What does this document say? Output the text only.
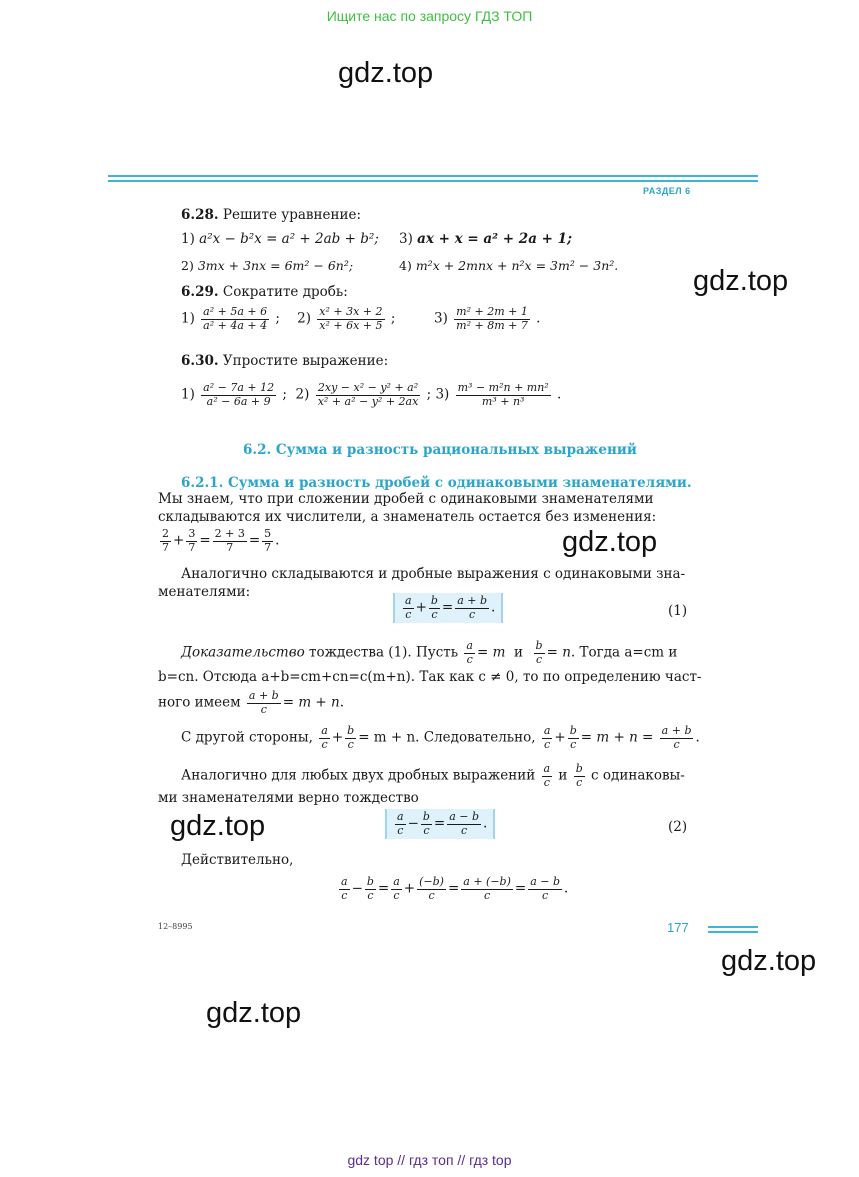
Ищите нас по запросу ГДЗ ТОП
gdz.top
gdz.top
gdz.top
gdz.top
gdz.top
gdz.top
РАЗДЕЛ 6
6.28. Решите уравнение:
1) a²x − b²x = a² + 2ab + b²; 3) ax + x = a² + 2a + 1;
2) 3mx + 3nx = 6m² − 6n²;	4) m²x + 2mnx + n²x = 3m² − 3n².
6.29. Сократите дробь:
$1) \frac{\text{a² + 5a + 6}}{\text{a² + 4a + 4}}$ ;    $2) \frac{\text{x² + 3x + 2}}{\text{x² + 6x + 5}}$ ;         $3) \frac{\text{m² + 2m + 1}}{\text{m² + 8m + 7}}$ .
6.30. Упростите выражение:
$1) \frac{\text{a² − 7a + 12}}{\text{a² − 6a + 9}}$ ;  $2) \frac{\text{2xy − x² − y² + a²}}{\text{x² + a² − y² + 2ax}}$ ; $3) \frac{\text{m³ − m²n + mn²}}{\text{m³ + n³}}$ .
6.2. Сумма и разность рациональных выражений
6.2.1. Сумма и разность дробей с одинаковыми знаменателями.
Мы знаем, что при сложении дробей с одинаковыми знаменателями
складываются их числители, а знаменатель остается без изменения:
$\frac{2}{7} + \frac{3}{7} = \frac{2 + 3}{7} = \frac{5}{7}$ .
Аналогично складываются и дробные выражения с одинаковыми зна-
менателями:
$\frac{a}{c} + \frac{b}{c} = \frac{a + b}{c}$ .	(1)
Доказательство тождества (1). Пусть $\frac{a}{c} = m$  и $\frac{b}{c} = n$. Тогда a=cm и
b=cn. Отсюда a+b=cm+cn=c(m+n). Так как c ≠ 0, то по определению част-
ного имеем $\frac{a + b}{c} = m + n$.
С другой стороны, $\frac{a}{c} + \frac{b}{c} = m + n$. Следовательно, $\frac{a}{c} + \frac{b}{c} = m + n = \frac{a + b}{c}$ .
Аналогично для любых двух дробных выражений $\frac{a}{c}$ и $\frac{b}{c}$ с одинаковы-
ми знаменателями верно тождество
$\frac{a}{c} - \frac{b}{c} = \frac{a - b}{c}$ .	(2)
Действительно,
$\frac{a}{c} - \frac{b}{c} = \frac{a}{c} + \frac{(-b)}{c} = \frac{a + (-b)}{c} = \frac{a - b}{c}$ .
12–8995	177
gdz top // гдз топ // гдз top
